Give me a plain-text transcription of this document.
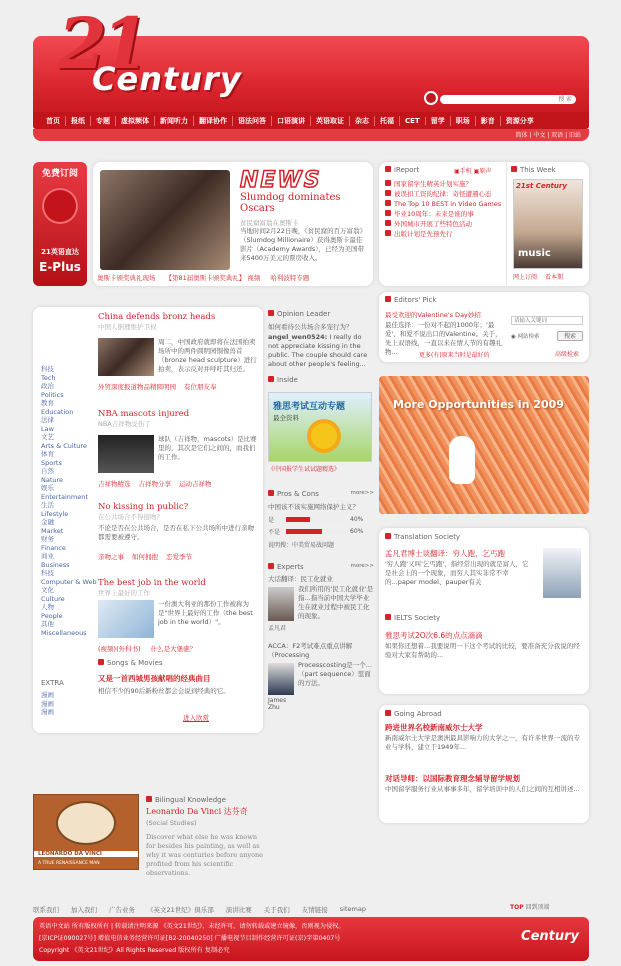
21
Century
搜 索
首页	报纸	专题	虚拟频体	新闻听力	翻译协作	语法问答	口语演讲	英语取证	杂志	托福	CET	留学	职场	影音	资源分享
简体 | 中文 | 双语 | 旧站
免费订阅
21英语直达
E-Plus
NEWS
Slumdog dominates Oscars
贫民窟富翁在奥斯卡
当地时间2月22日晚，《贫民窟的百万富翁》（Slumdog Millionaire）获得奥斯卡最佳影片（Academy Awards），已经为美国带来5400万美元的票房收入。
奥斯卡颁奖典礼现场 【第81届奥斯卡颁奖典礼】 视频 哈利波特专题
iReport	▣手机 ▣原声
国家留学生精英计划实施？
被误扣工资的纪律：奇怪遭遇心态
The Top 10 BEST in Video Games
毕业10周年：未来是谁的事
外国城市开展了些特色活动
出版计划是先预先行
This Week
21st Century
music
网上订阅 看本期
Editors' Pick
最受欢迎的Valentine's Day妙招
最佳选择：一份对不起的1000年；'最爱'、和爱不说出口的Valentine。关于，先上双语线，一直以来在情人节的有趣礼物...	更多(有)原来当时是最好的
请输入关键词
◉ 网站检索	搜索
高级检索
More Opportunities in 2009
科技
Tech
政治
Politics
教育
Education
法律
Law
文艺
Arts & Culture
体育
Sports
自然
Nature
娱乐
Entertainment
生活
Lifestyle
金融
Market
财务
Finance
商业
Business
科技
Computer & Web
文化
Culture
人物
People
其他
Miscellaneous
EXTRA
漫画
漫画
漫画
China defends bronz heads
中国人据理维护卫权
周二，中国政府就即将在法国拍卖场所中的两件圆明园铜像兽首（bronze head sculpture）进行拍卖，表示反对并呼吁其归还。
外贸深度报道物品精圆明园 有位朋友奉
NBA mascots injured
NBA吉祥物受伤了
球队（吉祥物，mascots）是比赛里的，其次是它们之间的，而我们的工作。
吉祥物精选 吉祥物分享 运动吉祥物
No kissing in public?
在公共场合不得接吻？
不论是否在公共场合，是否在私下公共场所中进行亲吻都需要被遵守。
亲吻之事 如何拥抱 恋爱季节
The best job in the world
世界上最好的工作
一份澳大利亚的那份工作被称为是"世界上最好的工作（the best job in the world）"。
(视频)(外科书) 什么是大堡礁？
Songs & Movies
又是一首西城男孩献唱的经典曲目
相信不少的90后新粉丝都会会说到经典的它。
进入欣赏
Opinion Leader
如何看待公共场合多宠行为？
angel_wen0524: I really do not appreciate kissing in the public. The couple should care about other people's feeling...
Inside
雅思考试互动专题
最全资料
《中国报学生试试题精选》
Pros & Cons	more>>
中国该不该实施网络保护主义？
是	40%
不是	60%
说明搜：中美贸易战问题
Experts	more>>
大话翻译：民工化就业
孟凡君
我们所用的'民工化就业'是指...指当前中国大学毕业生在就业过程中被民工化的现象。
ACCA：F2考试难点重点讲解（Processing
James Zhu
Processcosting是一个...（part sequence）里面的方法。
Translation Society
孟凡君博士谈翻译：穷人跑，乞丐跑
'穷人跑'又叫'乞丐跑'，指经常出现的就是富人，它是社会上的一个现象，而穷人其实非常不幸的...paper model、pauper有关
IELTS Society
雅思考试2O次6.6的点点滴滴
如果你还想着...我要说明一下这个考试的比较，要准备充分我说的经验对大家有帮助的...
Going Abroad
跨进世界名校新南威尔士大学
新南威尔士大学是澳洲最具影响力的大学之一，有许多世界一流的专业与学科，建立于1949年...
对话导师：以国际教育理念辅导留学规划
中国留学服务行业从事事多年，留学培训中的人们之间的互相讲述...
LEONARDO DA VINCI
A TRUE RENAISSANCE MAN
Bilingual Knowledge
Leonardo Da Vinci 达芬奇
(Social Studies)
Discover what else he was known for besides his painting, as well as why it was centuries before anyone profited from his scientific observations.
联系我们 加入我们 广告业务 《英文21世纪》俱乐部 演讲比赛 关于我们 友情链接 sitemap	TOP 回到顶端
英语中文站 所有版权所有 | 转载请注明来源 《英文21世纪》，未经许可，请勿转载或建立镜像，否则视为侵权。
[京ICP证090027号] 增值电信业务经营许可证[B2-20040250] 广播电视节目制作经营许可证(京)字第0407号
Copyright 《英文21世纪》All Rights Reserved 版权所有 复制必究
Century
